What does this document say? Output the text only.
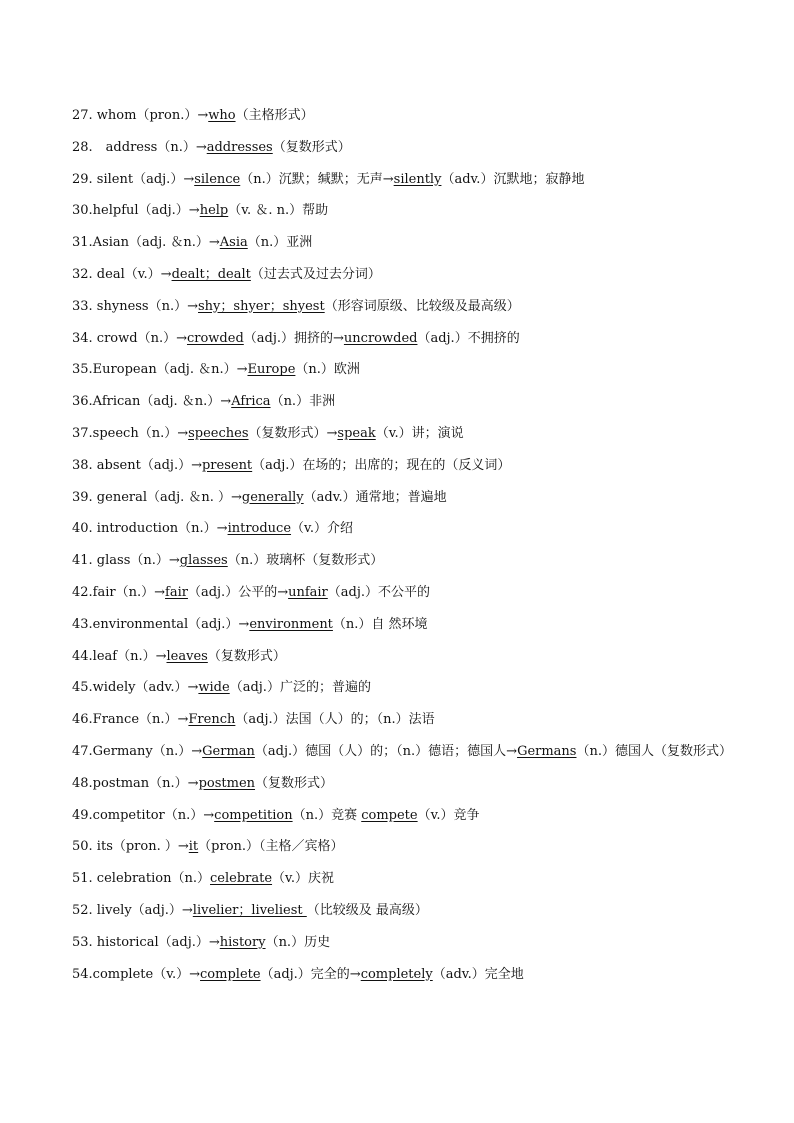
27. whom（pron.）→who（主格形式）
28.　address（n.）→addresses（复数形式）
29. silent（adj.）→silence（n.）沉默；缄默；无声→silently（adv.）沉默地；寂静地
30.helpful（adj.）→help（v. ＆. n.）帮助
31.Asian（adj. ＆n.）→Asia（n.）亚洲
32. deal（v.）→dealt；dealt（过去式及过去分词）
33. shyness（n.）→shy；shyer；shyest（形容词原级、比较级及最高级）
34. crowd（n.）→crowded（adj.）拥挤的→uncrowded（adj.）不拥挤的
35.European（adj. ＆n.）→Europe（n.）欧洲
36.African（adj. ＆n.）→Africa（n.）非洲
37.speech（n.）→speeches（复数形式）→speak（v.）讲；演说
38. absent（adj.）→present（adj.）在场的；出席的；现在的（反义词）
39. general（adj. ＆n. ）→generally（adv.）通常地；普遍地
40. introduction（n.）→introduce（v.）介绍
41. glass（n.）→glasses（n.）玻璃杯（复数形式）
42.fair（n.）→fair（adj.）公平的→unfair（adj.）不公平的
43.environmental（adj.）→environment（n.）自 然环境
44.leaf（n.）→leaves（复数形式）
45.widely（adv.）→wide（adj.）广泛的；普遍的
46.France（n.）→French（adj.）法国（人）的；（n.）法语
47.Germany（n.）→German（adj.）德国（人）的；（n.）德语；德国人→Germans（n.）德国人（复数形式）
48.postman（n.）→postmen（复数形式）
49.competitor（n.）→competition（n.）竞赛 compete（v.）竞争
50. its（pron. ）→it（pron.）（主格／宾格）
51. celebration（n.）celebrate（v.）庆祝
52. lively（adj.）→livelier；liveliest （比较级及 最高级）
53. historical（adj.）→history（n.）历史
54.complete（v.）→complete（adj.）完全的→completely（adv.）完全地
